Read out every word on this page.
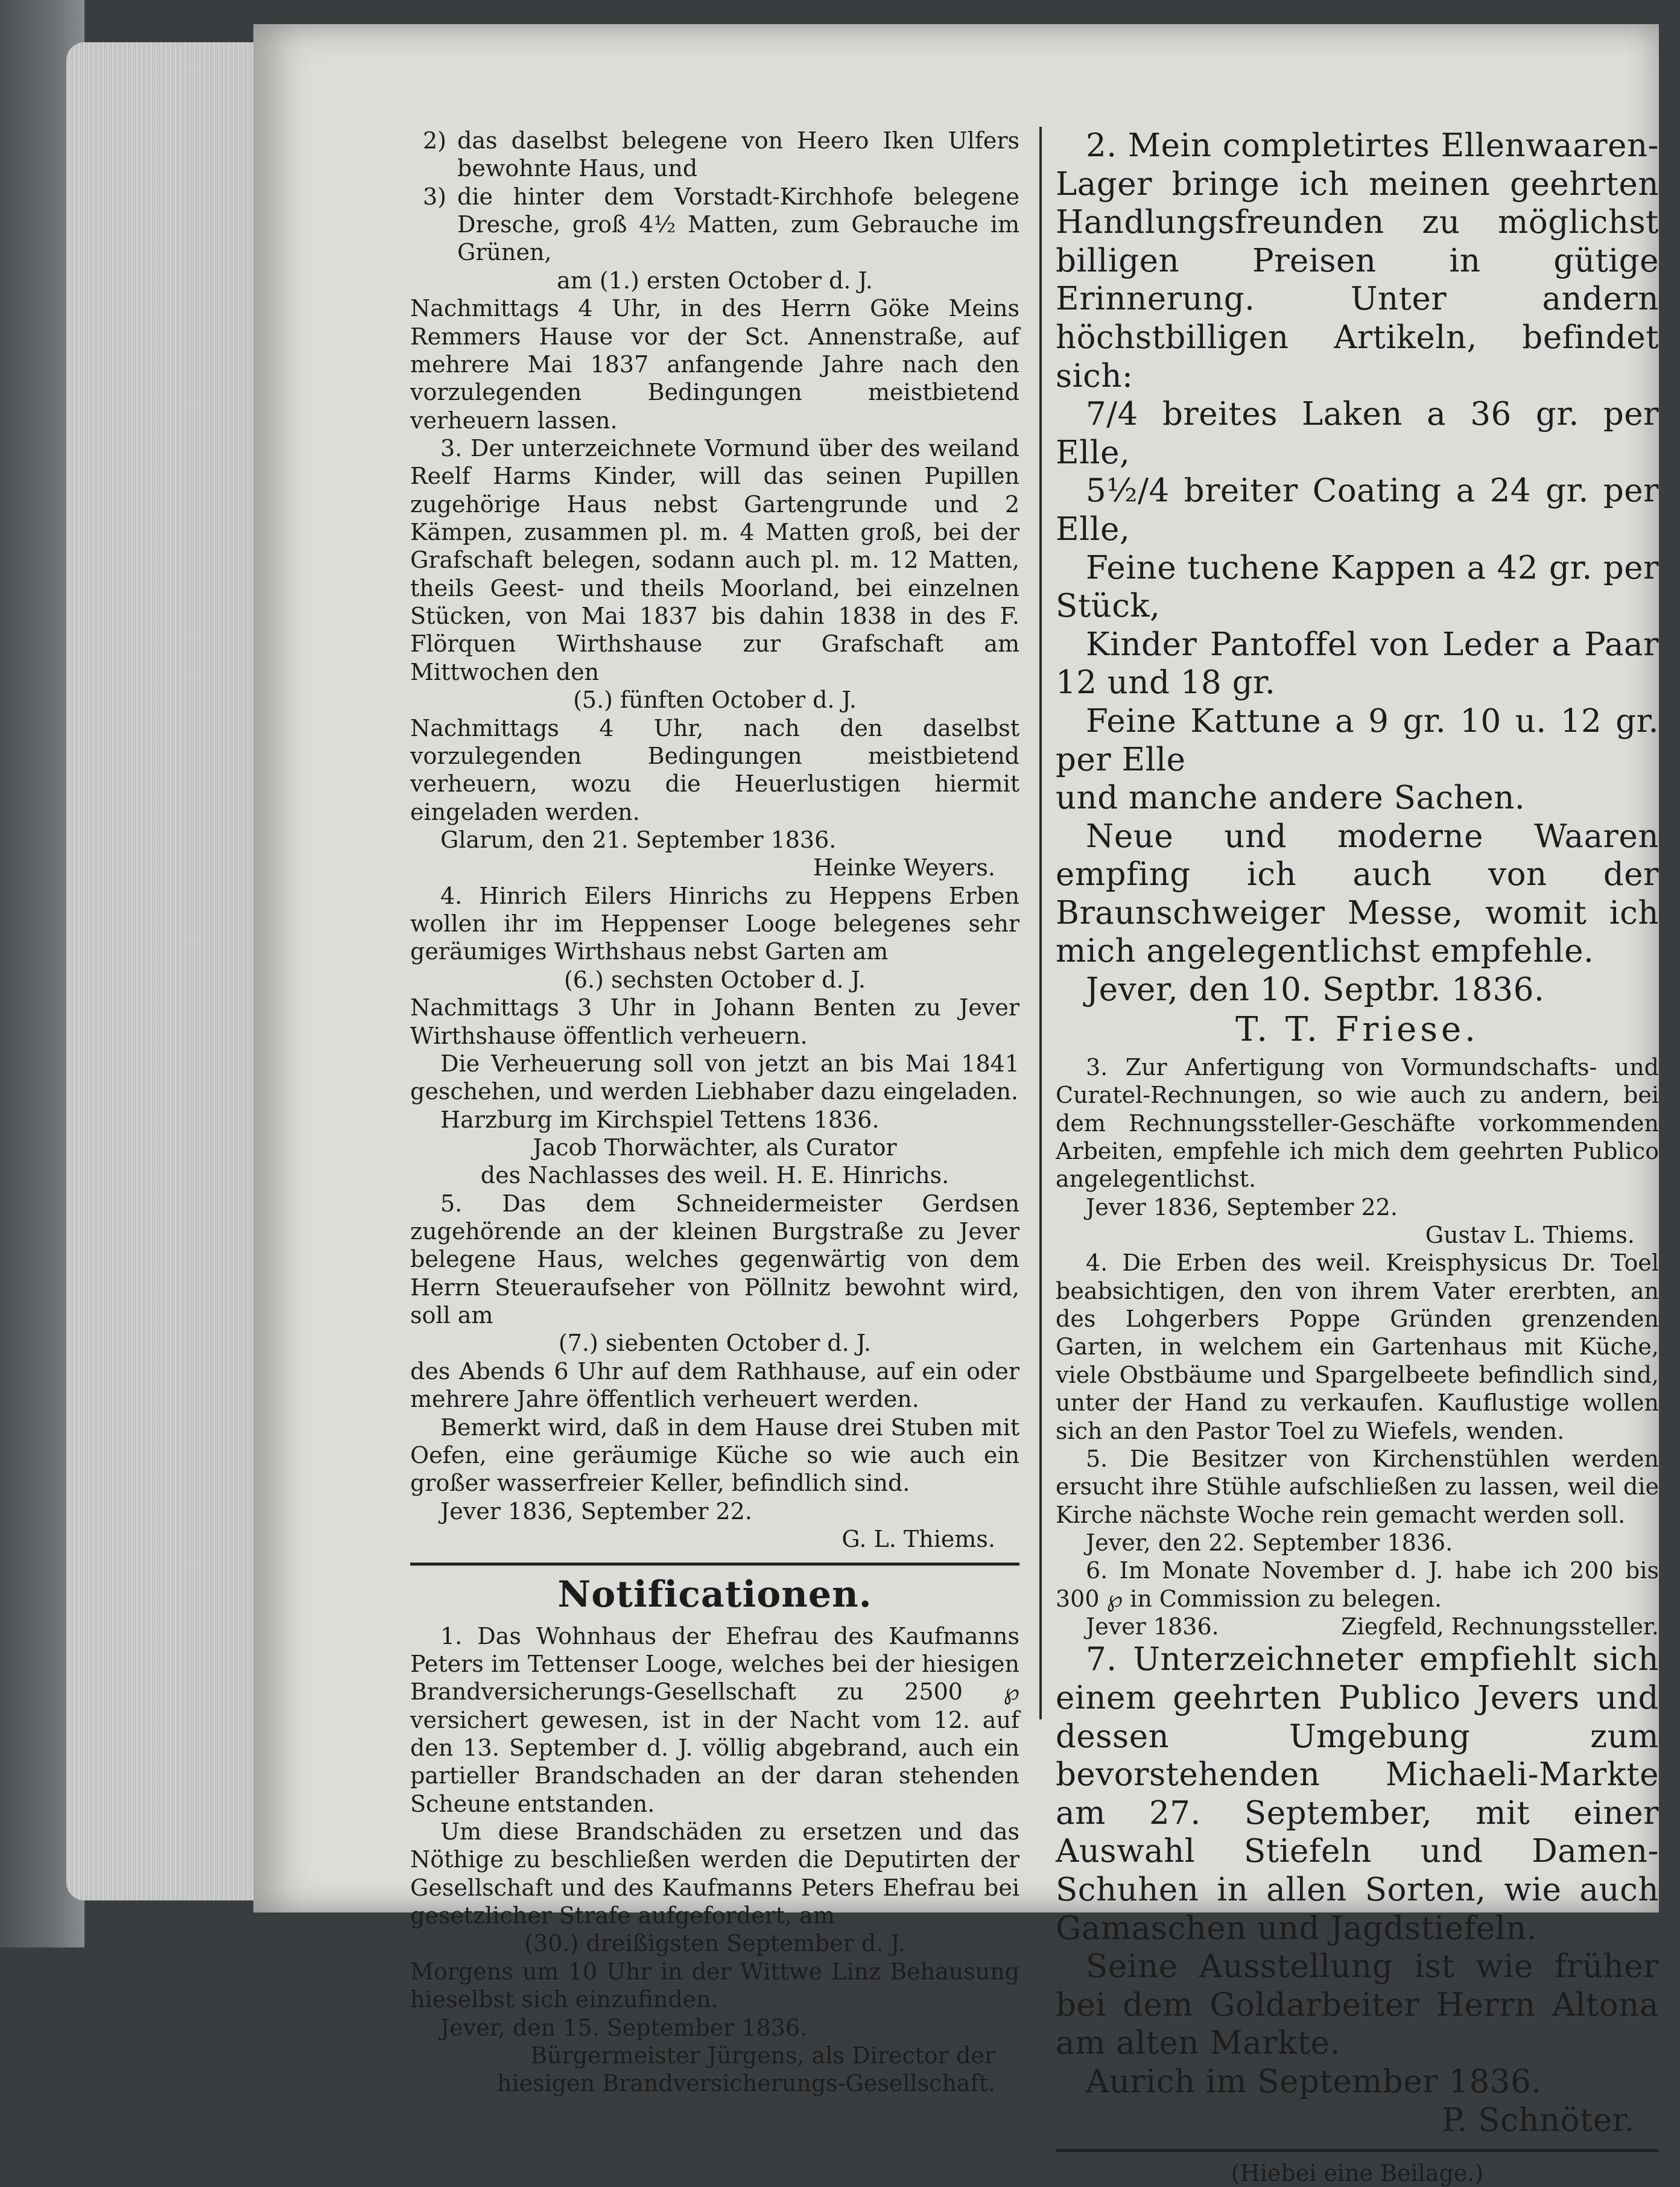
2) das daselbst belegene von Heero Iken Ulfers bewohnte Haus, und
3) die hinter dem Vorstadt-Kirchhofe belegene Dresche, groß 4½ Matten, zum Gebrauche im Grünen,

am (1.) ersten October d. J.

Nachmittags 4 Uhr, in des Herrn Göke Meins Remmers Hause vor der Sct. Annenstraße, auf mehrere Mai 1837 anfangende Jahre nach den vorzulegenden Bedingungen meistbietend verheuern lassen.

3. Der unterzeichnete Vormund über des weiland Reelf Harms Kinder, will das seinen Pupillen zugehörige Haus nebst Gartengrunde und 2 Kämpen, zusammen pl. m. 4 Matten groß, bei der Grafschaft belegen, sodann auch pl. m. 12 Matten, theils Geest- und theils Moorland, bei einzelnen Stücken, von Mai 1837 bis dahin 1838 in des F. Flörquen Wirthshause zur Grafschaft am Mittwochen den

(5.) fünften October d. J.

Nachmittags 4 Uhr, nach den daselbst vorzulegenden Bedingungen meistbietend verheuern, wozu die Heuerlustigen hiermit eingeladen werden.

Glarum, den 21. September 1836.

Heinke Weyers.

4. Hinrich Eilers Hinrichs zu Heppens Erben wollen ihr im Heppenser Looge belegenes sehr geräumiges Wirthshaus nebst Garten am

(6.) sechsten October d. J.

Nachmittags 3 Uhr in Johann Benten zu Jever Wirthshause öffentlich verheuern.

Die Verheuerung soll von jetzt an bis Mai 1841 geschehen, und werden Liebhaber dazu eingeladen.

Harzburg im Kirchspiel Tettens 1836.

Jacob Thorwächter, als Curator

des Nachlasses des weil. H. E. Hinrichs.

5. Das dem Schneidermeister Gerdsen zugehörende an der kleinen Burgstraße zu Jever belegene Haus, welches gegenwärtig von dem Herrn Steueraufseher von Pöllnitz bewohnt wird, soll am

(7.) siebenten October d. J.

des Abends 6 Uhr auf dem Rathhause, auf ein oder mehrere Jahre öffentlich verheuert werden.

Bemerkt wird, daß in dem Hause drei Stuben mit Oefen, eine geräumige Küche so wie auch ein großer wasserfreier Keller, befindlich sind.

Jever 1836, September 22.

G. L. Thiems.

Notificationen.

1. Das Wohnhaus der Ehefrau des Kaufmanns Peters im Tettenser Looge, welches bei der hiesigen Brandversicherungs-Gesellschaft zu 2500 ℘ versichert gewesen, ist in der Nacht vom 12. auf den 13. September d. J. völlig abgebrand, auch ein partieller Brandschaden an der daran stehenden Scheune entstanden.

Um diese Brandschäden zu ersetzen und das Nöthige zu beschließen werden die Deputirten der Gesellschaft und des Kaufmanns Peters Ehefrau bei gesetzlicher Strafe aufgefordert, am

(30.) dreißigsten September d. J.

Morgens um 10 Uhr in der Wittwe Linz Behausung hieselbst sich einzufinden.

Jever, den 15. September 1836.

Bürgermeister Jürgens, als Director der

hiesigen Brandversicherungs-Gesellschaft.

2. Mein completirtes Ellenwaaren-Lager bringe ich meinen geehrten Handlungsfreunden zu möglichst billigen Preisen in gütige Erinnerung. Unter andern höchstbilligen Artikeln, befindet sich:

7/4 breites Laken a 36 gr. per Elle,

5½/4 breiter Coating a 24 gr. per Elle,

Feine tuchene Kappen a 42 gr. per Stück,

Kinder Pantoffel von Leder a Paar 12 und 18 gr.

Feine Kattune a 9 gr. 10 u. 12 gr. per Elle

und manche andere Sachen.

Neue und moderne Waaren empfing ich auch von der Braunschweiger Messe, womit ich mich angelegentlichst empfehle.

Jever, den 10. Septbr. 1836.

T. T. Friese.

3. Zur Anfertigung von Vormundschafts- und Curatel-Rechnungen, so wie auch zu andern, bei dem Rechnungssteller-Geschäfte vorkommenden Arbeiten, empfehle ich mich dem geehrten Publico angelegentlichst.

Jever 1836, September 22.

Gustav L. Thiems.

4. Die Erben des weil. Kreisphysicus Dr. Toel beabsichtigen, den von ihrem Vater ererbten, an des Lohgerbers Poppe Gründen grenzenden Garten, in welchem ein Gartenhaus mit Küche, viele Obstbäume und Spargelbeete befindlich sind, unter der Hand zu verkaufen. Kauflustige wollen sich an den Pastor Toel zu Wiefels, wenden.

5. Die Besitzer von Kirchenstühlen werden ersucht ihre Stühle aufschließen zu lassen, weil die Kirche nächste Woche rein gemacht werden soll.

Jever, den 22. September 1836.

6. Im Monate November d. J. habe ich 200 bis 300 ℘ in Commission zu belegen.

Jever 1836.	Ziegfeld, Rechnungssteller.

7. Unterzeichneter empfiehlt sich einem geehrten Publico Jevers und dessen Umgebung zum bevorstehenden Michaeli-Markte am 27. September, mit einer Auswahl Stiefeln und Damen-Schuhen in allen Sorten, wie auch Gamaschen und Jagdstiefeln.

Seine Ausstellung ist wie früher bei dem Goldarbeiter Herrn Altona am alten Markte.

Aurich im September 1836.

P. Schnöter.

(Hiebei eine Beilage.)
